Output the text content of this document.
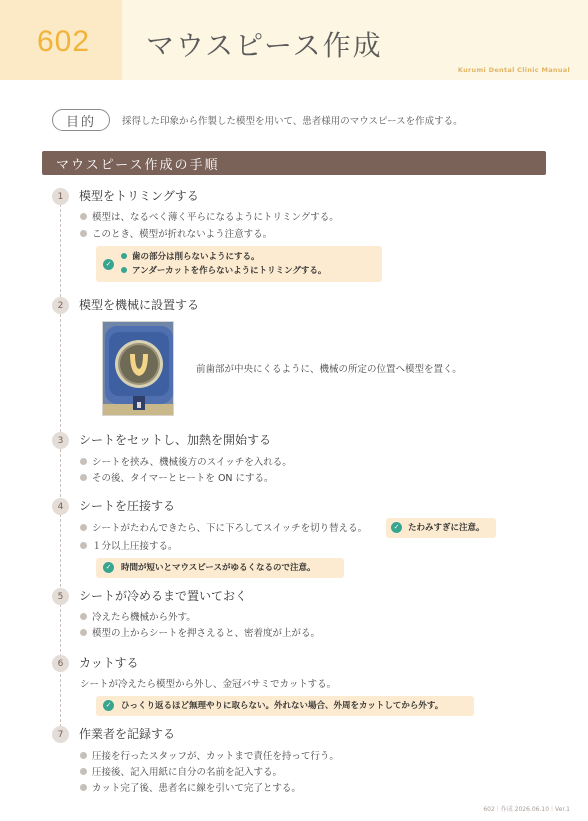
602 マウスピース作成
Kurumi Dental Clinic Manual
目的	採得した印象から作製した模型を用いて、患者様用のマウスピースを作成する。
マウスピース作成の手順
1	模型をトリミングする
模型は、なるべく薄く平らになるようにトリミングする。
このとき、模型が折れないよう注意する。
✓
歯の部分は削らないようにする。
アンダーカットを作らないようにトリミングする。
2	模型を機械に設置する
前歯部が中央にくるように、機械の所定の位置へ模型を置く。
3	シートをセットし、加熱を開始する
シートを挟み、機械後方のスイッチを入れる。
その後、タイマーとヒートを ON にする。
4	シートを圧接する
シートがたわんできたら、下に下ろしてスイッチを切り替える。	✓	たわみすぎに注意。
１分以上圧接する。
✓	時間が短いとマウスピースがゆるくなるので注意。
5	シートが冷めるまで置いておく
冷えたら機械から外す。
模型の上からシートを押さえると、密着度が上がる。
6	カットする
シートが冷えたら模型から外し、金冠バサミでカットする。
✓	ひっくり返るほど無理やりに取らない。外れない場合、外周をカットしてから外す。
7	作業者を記録する
圧接を行ったスタッフが、カットまで責任を持って行う。
圧接後、記入用紙に自分の名前を記入する。
カット完了後、患者名に線を引いて完了とする。
602｜作成 2026.06.10｜Ver.1
